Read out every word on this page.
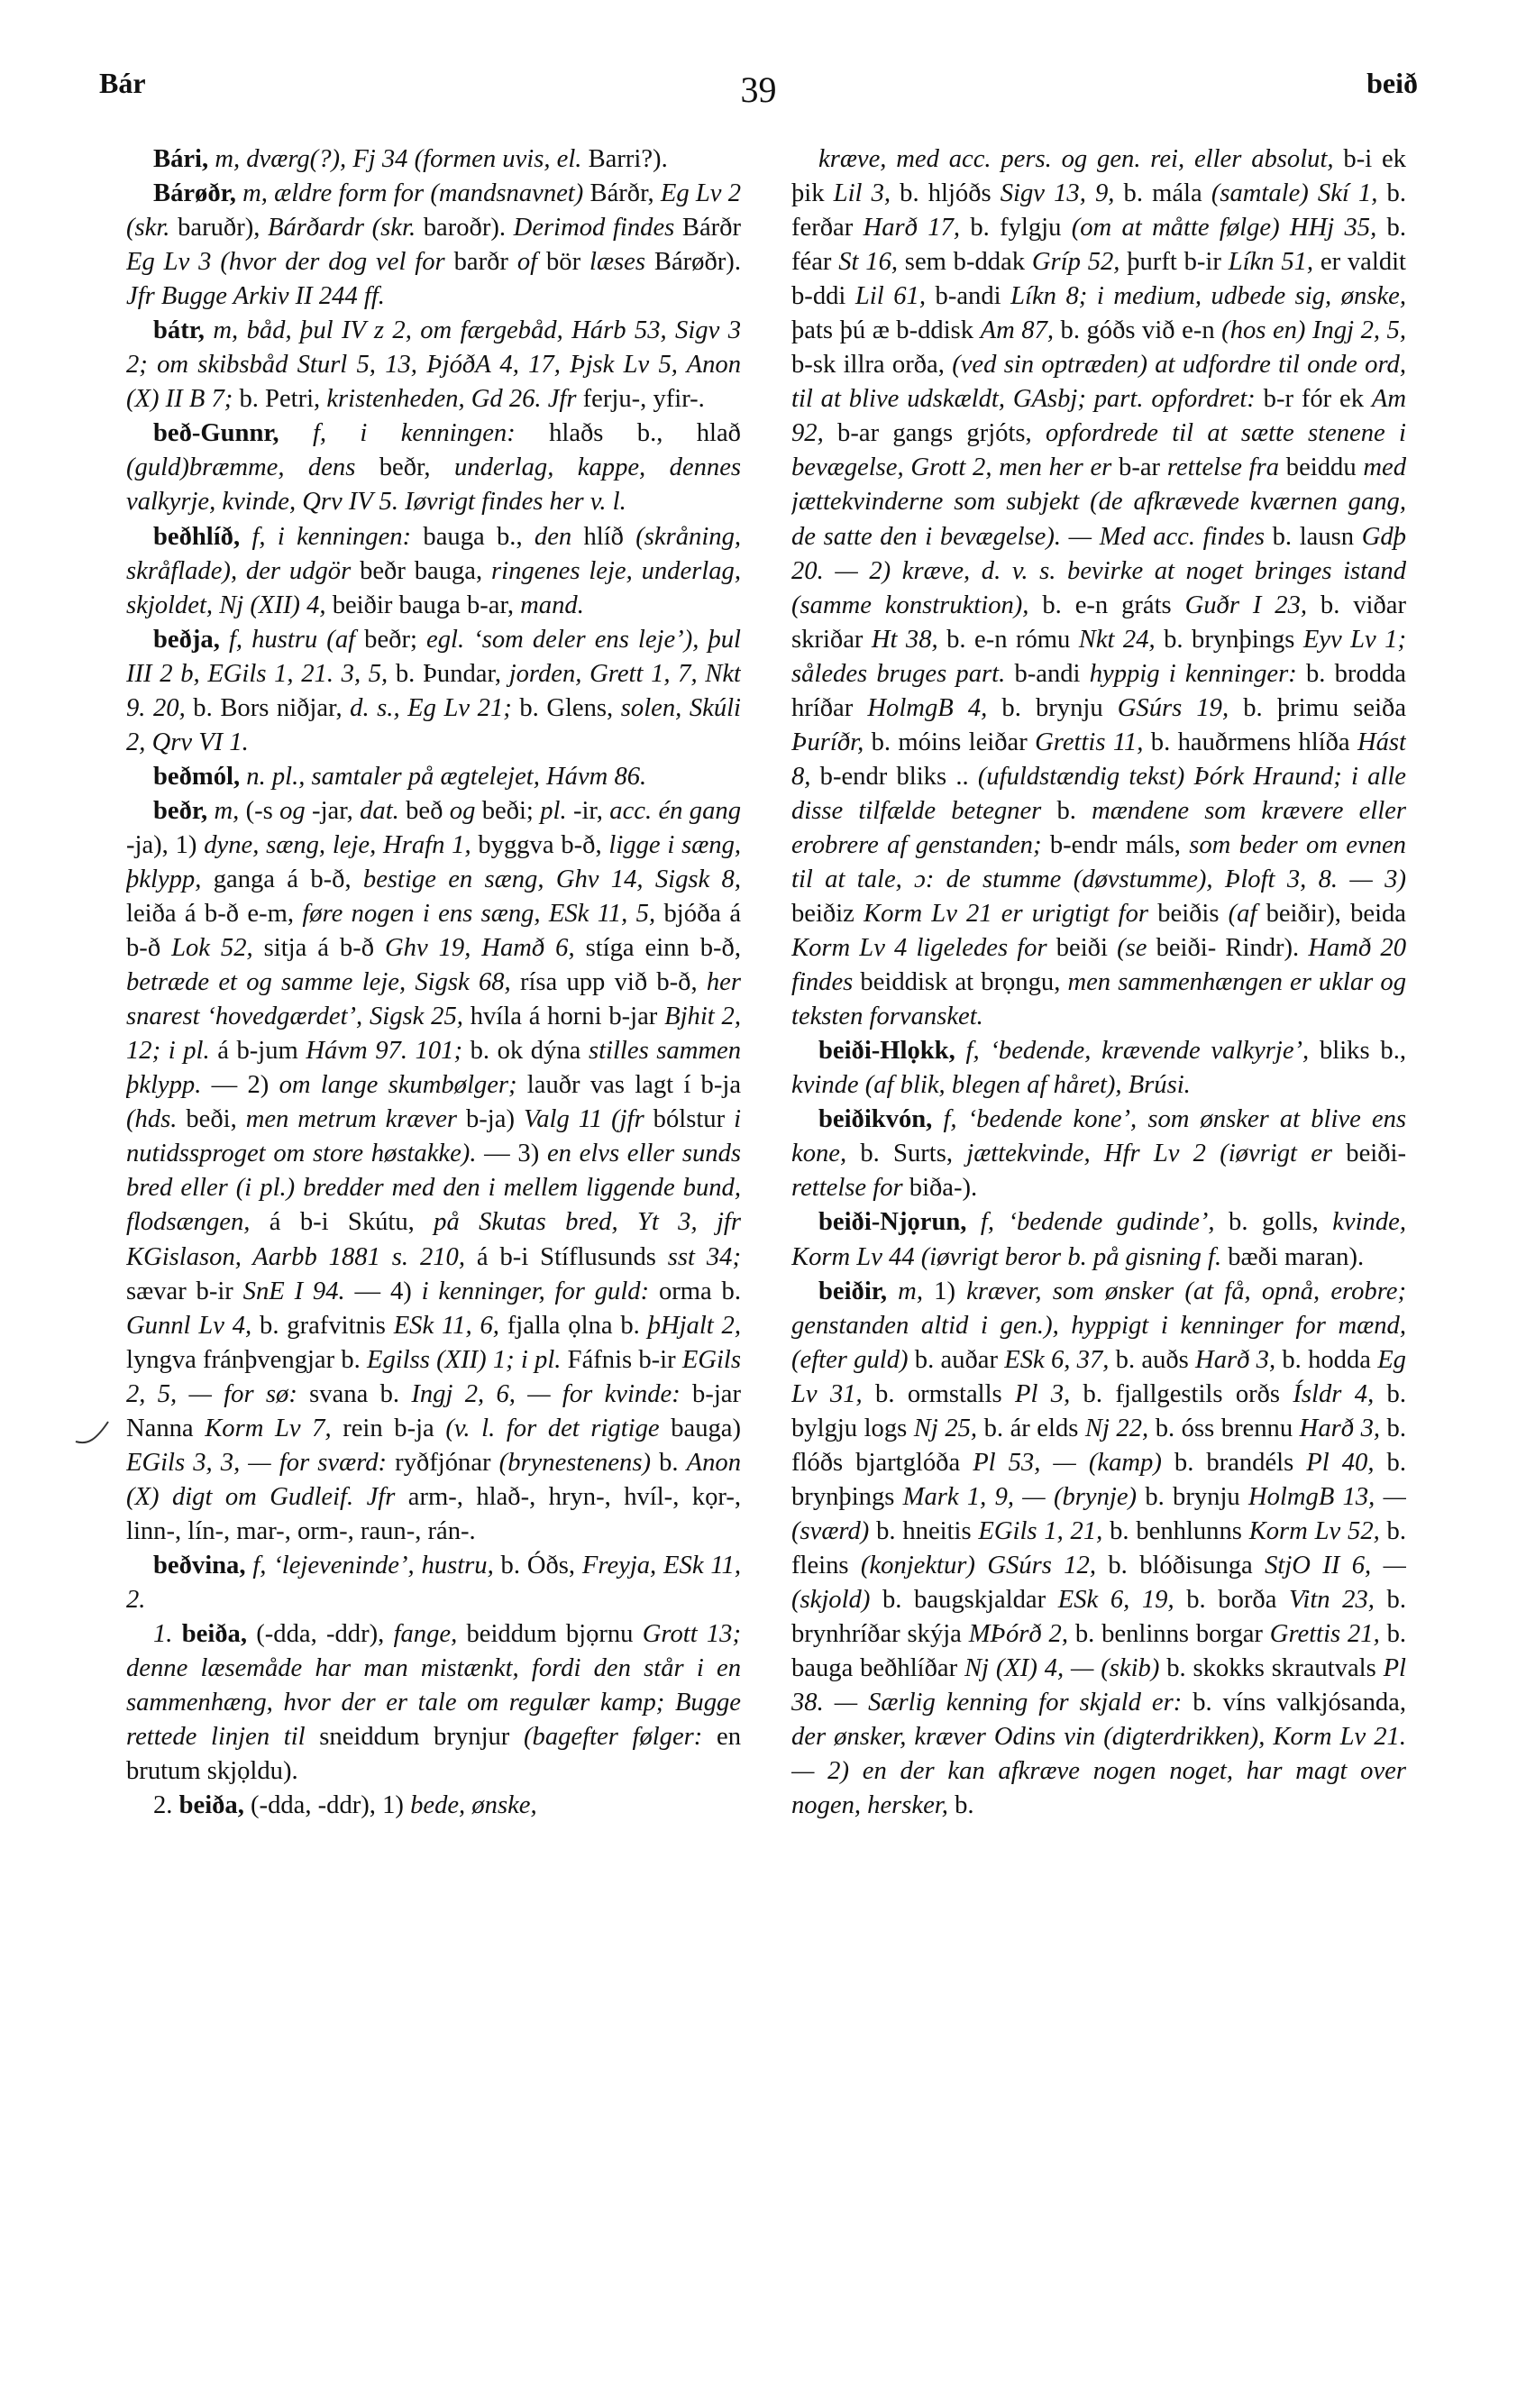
Bár	39	beið

Bári, m, dværg(?), Fj 34 (formen uvis, el. Barri?).

Bárøðr, m, ældre form for (mandsnavnet) Bárðr, Eg Lv 2 (skr. baruðr), Bárðardr (skr. baroðr). Derimod findes Bárðr Eg Lv 3 (hvor der dog vel for barðr of bör læses Bárøðr). Jfr Bugge Arkiv II 244 ff.

bátr, m, båd, þul IV z 2, om færgebåd, Hárb 53, Sigv 3 2; om skibsbåd Sturl 5, 13, ÞjóðA 4, 17, Þjsk Lv 5, Anon (X) II B 7; b. Petri, kristenheden, Gd 26. Jfr ferju-, yfir-.

beð-Gunnr, f, i kenningen: hlaðs b., hlað (guld)bræmme, dens beðr, underlag, kappe, dennes valkyrje, kvinde, Qrv IV 5. Iøvrigt findes her v. l.

beðhlíð, f, i kenningen: bauga b., den hlíð (skråning, skråflade), der udgör beðr bauga, ringenes leje, underlag, skjoldet, Nj (XII) 4, beiðir bauga b-ar, mand.

beðja, f, hustru (af beðr; egl. ‘som deler ens leje’), þul III 2 b, EGils 1, 21. 3, 5, b. Þundar, jorden, Grett 1, 7, Nkt 9. 20, b. Bors niðjar, d. s., Eg Lv 21; b. Glens, solen, Skúli 2, Qrv VI 1.

beðmól, n. pl., samtaler på ægtelejet, Hávm 86.

beðr, m, (-s og -jar, dat. beð og beði; pl. -ir, acc. én gang -ja), 1) dyne, sæng, leje, Hrafn 1, byggva b-ð, ligge i sæng, þklypp, ganga á b-ð, bestige en sæng, Ghv 14, Sigsk 8, leiða á b-ð e-m, føre nogen i ens sæng, ESk 11, 5, bjóða á b-ð Lok 52, sitja á b-ð Ghv 19, Hamð 6, stíga einn b-ð, betræde et og samme leje, Sigsk 68, rísa upp við b-ð, her snarest ‘hovedgærdet’, Sigsk 25, hvíla á horni b-jar Bjhit 2, 12; i pl. á b-jum Hávm 97. 101; b. ok dýna stilles sammen þklypp. — 2) om lange skumbølger; lauðr vas lagt í b-ja (hds. beði, men metrum kræver b-ja) Valg 11 (jfr bólstur i nutidssproget om store høstakke). — 3) en elvs eller sunds bred eller (i pl.) bredder med den i mellem liggende bund, flodsængen, á b-i Skútu, på Skutas bred, Yt 3, jfr KGislason, Aarbb 1881 s. 210, á b-i Stíflusunds sst 34; sævar b-ir SnE I 94. — 4) i kenninger, for guld: orma b. Gunnl Lv 4, b. grafvitnis ESk 11, 6, fjalla ọlna b. þHjalt 2, lyngva fránþvengjar b. Egilss (XII) 1; i pl. Fáfnis b-ir EGils 2, 5, — for sø: svana b. Ingj 2, 6, — for kvinde: b-jar Nanna Korm Lv 7, rein b-ja (v. l. for det rigtige bauga) EGils 3, 3, — for sværd: ryðfjónar (brynestenens) b. Anon (X) digt om Gudleif. Jfr arm-, hlað-, hryn-, hvíl-, kọr-, linn-, lín-, mar-, orm-, raun-, rán-.

beðvina, f, ‘lejeveninde’, hustru, b. Óðs, Freyja, ESk 11, 2.

1. beiða, (-dda, -ddr), fange, beiddum bjọrnu Grott 13; denne læsemåde har man mistænkt, fordi den står i en sammenhæng, hvor der er tale om regulær kamp; Bugge rettede linjen til sneiddum brynjur (bagefter følger: en brutum skjọldu).

2. beiða, (-dda, -ddr), 1) bede, ønske,

kræve, med acc. pers. og gen. rei, eller absolut, b-i ek þik Lil 3, b. hljóðs Sigv 13, 9, b. mála (samtale) Skí 1, b. ferðar Harð 17, b. fylgju (om at måtte følge) HHj 35, b. féar St 16, sem b-ddak Gríp 52, þurft b-ir Líkn 51, er valdit b-ddi Lil 61, b-andi Líkn 8; i medium, udbede sig, ønske, þats þú æ b-ddisk Am 87, b. góðs við e-n (hos en) Ingj 2, 5, b-sk illra orða, (ved sin optræden) at udfordre til onde ord, til at blive udskældt, GAsbj; part. opfordret: b-r fór ek Am 92, b-ar gangs grjóts, opfordrede til at sætte stenene i bevægelse, Grott 2, men her er b-ar rettelse fra beiddu med jættekvinderne som subjekt (de afkrævede kværnen gang, de satte den i bevægelse). — Med acc. findes b. lausn Gdþ 20. — 2) kræve, d. v. s. bevirke at noget bringes istand (samme konstruktion), b. e-n gráts Guðr I 23, b. viðar skriðar Ht 38, b. e-n rómu Nkt 24, b. brynþings Eyv Lv 1; således bruges part. b-andi hyppig i kenninger: b. brodda hríðar HolmgB 4, b. brynju GSúrs 19, b. þrimu seiða Þuríðr, b. móins leiðar Grettis 11, b. hauðrmens hlíða Hást 8, b-endr bliks .. (ufuldstændig tekst) Þórk Hraund; i alle disse tilfælde betegner b. mændene som krævere eller erobrere af genstanden; b-endr máls, som beder om evnen til at tale, ɔ: de stumme (døvstumme), Þloft 3, 8. — 3) beiðiz Korm Lv 21 er urigtigt for beiðis (af beiðir), beida Korm Lv 4 ligeledes for beiði (se beiði- Rindr). Hamð 20 findes beiddisk at brọngu, men sammenhængen er uklar og teksten forvansket.

beiði-Hlọkk, f, ‘bedende, krævende valkyrje’, bliks b., kvinde (af blik, blegen af håret), Brúsi.

beiðikvón, f, ‘bedende kone’, som ønsker at blive ens kone, b. Surts, jættekvinde, Hfr Lv 2 (iøvrigt er beiði- rettelse for biða-).

beiði-Njọrun, f, ‘bedende gudinde’, b. golls, kvinde, Korm Lv 44 (iøvrigt beror b. på gisning f. bæði maran).

beiðir, m, 1) kræver, som ønsker (at få, opnå, erobre; genstanden altid i gen.), hyppigt i kenninger for mænd, (efter guld) b. auðar ESk 6, 37, b. auðs Harð 3, b. hodda Eg Lv 31, b. ormstalls Pl 3, b. fjallgestils orðs Ísldr 4, b. bylgju logs Nj 25, b. ár elds Nj 22, b. óss brennu Harð 3, b. flóðs bjartglóða Pl 53, — (kamp) b. brandéls Pl 40, b. brynþings Mark 1, 9, — (brynje) b. brynju HolmgB 13, — (sværd) b. hneitis EGils 1, 21, b. benhlunns Korm Lv 52, b. fleins (konjektur) GSúrs 12, b. blóðisunga StjO II 6, — (skjold) b. baugskjaldar ESk 6, 19, b. borða Vitn 23, b. brynhríðar skýja MÞórð 2, b. benlinns borgar Grettis 21, b. bauga beðhlíðar Nj (XI) 4, — (skib) b. skokks skrautvals Pl 38. — Særlig kenning for skjald er: b. víns valkjósanda, der ønsker, kræver Odins vin (digterdrikken), Korm Lv 21. — 2) en der kan afkræve nogen noget, har magt over nogen, hersker, b.
